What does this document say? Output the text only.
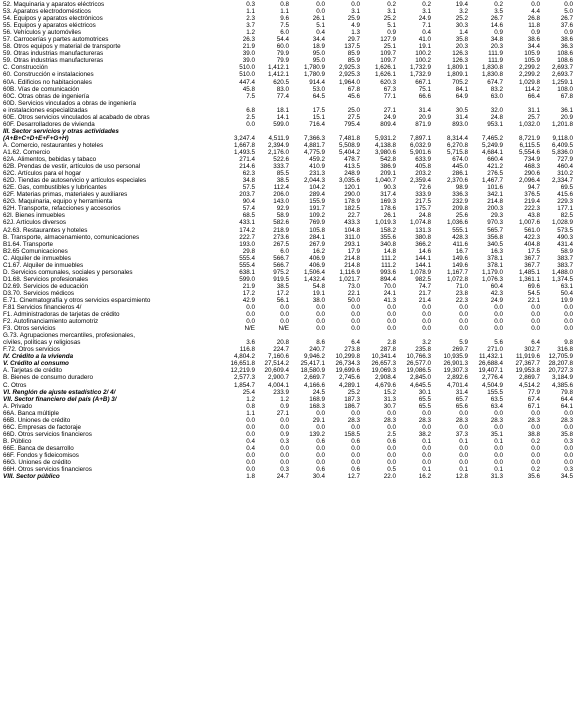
52. Maquinaria y aparatos eléctricos	0.3	0.8	0.0	0.0	0.2	0.2	19.4	0.2	0.0	0.0
53. Aparatos electrodomésticos	1.1	1.1	0.0	3.1	3.1	3.1	3.2	3.5	4.4	5.0
54. Equipos y aparatos electrónicos	2.3	9.6	26.1	25.9	25.2	24.9	25.2	26.7	26.8	26.7
55. Equipos y aparatos eléctricos	3.7	7.5	5.1	4.9	5.1	7.1	30.3	14.6	11.8	37.6
56. Vehículos y automóviles	1.2	6.0	0.4	1.3	0.9	0.4	1.4	0.9	0.9	0.9
57. Carrocerías y partes automotrices	26.3	54.4	34.4	29.7	127.9	41.0	35.8	34.8	38.6	38.6
58. Otros equipos y material de transporte	21.9	60.0	18.9	137.5	25.1	19.1	20.3	20.3	34.4	36.3
59. Otras industrias manufactureras	39.0	79.9	95.0	85.9	109.7	100.2	126.3	111.9	105.9	108.6
59. Otras industrias manufactureras	39.0	79.9	95.0	85.9	109.7	100.2	126.3	111.9	105.9	108.6
C. Construcción	510.0	1,412.1	1,780.9	2,925.3	1,626.1	1,732.9	1,809.1	1,830.8	2,299.2	2,693.7
60. Construcción e instalaciones	510.0	1,412.1	1,780.9	2,925.3	1,626.1	1,732.9	1,809.1	1,830.8	2,299.2	2,693.7
60A. Edificios no habitacionales	447.4	620.5	914.4	1,964.0	620.3	667.1	705.2	674.7	1,029.8	1,259.1
60B. Vías de comunicación	45.8	83.0	53.0	67.8	67.3	75.1	84.1	83.2	114.2	108.0
60C. Otras obras de ingeniería	7.5	77.4	64.5	45.6	77.1	66.6	64.9	63.0	66.4	67.8
60D. Servicios vinculados a obras de ingeniería
e instalaciones especializadas	6.8	18.1	17.5	25.0	27.1	31.4	30.5	32.0	31.1	36.1
60E. Otros servicios vinculados al acabado de obras	2.5	14.1	15.1	27.5	24.9	20.9	31.4	24.8	25.7	20.9
60F. Desarrolladores de vivienda	0.0	599.0	716.4	795.4	809.4	871.9	893.0	953.1	1,032.0	1,201.8
III. Sector servicios y otras actividades
(A+B+C+D+E+F+G+H)	3,247.4	4,511.9	7,366.3	7,481.8	5,931.2	7,897.1	8,314.4	7,465.2	8,721.9	9,118.0
A. Comercio, restaurantes y hoteles	1,667.8	2,394.9	4,881.7	5,508.9	4,138.8	6,032.9	6,270.8	5,249.9	6,115.5	6,409.5
A1.62. Comercio	1,493.5	2,176.0	4,775.9	5,404.2	3,980.6	5,901.6	5,715.8	4,684.1	5,554.6	5,836.0
62A. Alimentos, bebidas y tabaco	271.4	522.6	459.2	478.7	542.8	633.9	674.0	660.4	734.9	727.9
62B. Prendas de vestir, artículos de uso personal	214.6	333.7	410.9	413.5	386.9	405.8	445.0	421.2	468.3	460.4
62C. Artículos para el hogar	62.3	85.5	231.3	248.9	209.1	203.2	286.1	276.5	290.6	310.2
62D. Tiendas de autoservicio y artículos especiales	34.8	38.5	2,044.3	3,035.6	1,040.7	2,359.4	2,370.6	1,467.7	2,096.4	2,334.7
62E. Gas, combustibles y lubricantes	57.5	112.4	104.2	120.1	90.3	72.6	98.9	101.6	94.7	69.5
62F. Materias primas, materiales y auxiliares	203.7	206.0	289.4	290.0	317.4	333.9	336.3	342.1	376.5	415.6
62G. Maquinaria, equipo y herramienta	90.4	143.0	155.9	178.9	169.3	217.5	232.9	214.8	219.4	229.3
62H. Transporte, refacciones y accesorios	57.4	92.9	191.7	182.5	178.6	175.7	209.8	200.3	222.3	177.1
62I. Bienes inmuebles	68.5	58.9	109.2	22.7	26.1	24.8	25.6	29.3	43.8	82.5
62J. Artículos diversos	433.1	582.6	769.9	433.3	1,019.3	1,074.8	1,036.6	970.3	1,007.6	1,028.9
A2.63. Restaurantes y hoteles	174.2	218.9	105.8	104.8	158.2	131.3	555.1	565.7	561.0	573.5
B. Transporte, almacenamiento, comunicaciones	222.7	273.6	284.1	311.0	355.6	380.8	428.3	356.8	422.3	490.3
B1.64. Transporte	193.0	267.5	267.9	293.1	340.8	366.2	411.6	340.5	404.8	431.4
B2.65 Comunicaciones	29.8	6.0	16.2	17.9	14.8	14.6	16.7	16.3	17.5	58.9
C. Alquiler de inmuebles	555.4	566.7	406.9	214.8	111.2	144.1	149.6	378.1	367.7	383.7
C1.67. Alquiler de inmuebles	555.4	566.7	406.9	214.8	111.2	144.1	149.6	378.1	367.7	383.7
D. Servicios comunales, sociales y personales	638.1	975.2	1,506.4	1,116.9	993.6	1,078.9	1,167.7	1,179.0	1,485.1	1,488.0
D1.68. Servicios profesionales	599.0	919.5	1,432.4	1,021.7	894.4	982.5	1,072.8	1,076.3	1,361.1	1,374.5
D2.69. Servicios de educación	21.9	38.5	54.8	73.0	70.0	74.7	71.0	60.4	69.6	63.1
D3.70. Servicios médicos	17.2	17.2	19.1	22.1	24.1	21.7	23.8	42.3	54.5	50.4
E.71. Cinematografía y otros servicios esparcimiento	42.9	56.1	38.0	50.0	41.3	21.4	22.3	24.9	22.1	19.9
F.81 Servicios financieros 4/	0.0	0.0	0.0	0.0	0.0	0.0	0.0	0.0	0.0	0.0
F1. Administradoras de tarjetas de crédito	0.0	0.0	0.0	0.0	0.0	0.0	0.0	0.0	0.0	0.0
F2. Autofinanciamiento automotriz	0.0	0.0	0.0	0.0	0.0	0.0	0.0	0.0	0.0	0.0
F3. Otros servicios	N/E	N/E	0.0	0.0	0.0	0.0	0.0	0.0	0.0	0.0
G.73. Agrupaciones mercantiles, profesionales,
cíviles, políticas y religiosas	3.6	20.8	8.6	6.4	2.8	3.2	5.9	5.6	6.4	9.8
F.72. Otros servicios	116.8	224.7	240.7	273.8	287.8	235.8	269.7	271.0	302.7	316.8
IV. Crédito a la vivienda	4,804.2	7,160.6	9,946.2	10,299.8	10,341.4	10,766.3	10,935.9	11,432.1	11,919.6	12,705.9
V. Crédito al consumo	16,651.8	27,514.2	25,417.1	26,734.3	26,657.3	26,577.0	26,901.3	26,688.4	27,367.7	28,207.8
A. Tarjetas de crédito	12,219.9	20,609.4	18,580.9	19,699.6	19,069.3	19,086.5	19,307.3	19,407.1	19,953.8	20,727.3
B. Bienes de consumo duradero	2,577.3	2,900.7	2,669.7	2,745.6	2,908.4	2,845.0	2,892.6	2,776.4	2,869.7	3,184.9
C. Otros	1,854.7	4,004.1	4,166.6	4,289.1	4,679.6	4,645.5	4,701.4	4,504.9	4,514.2	4,385.6
VI. Renglón de ajuste estadístico 2/ 4/	25.4	233.9	24.5	25.2	15.2	30.1	31.4	155.5	77.9	79.8
VII. Sector financiero del país (A+B) 3/	1.2	1.2	168.9	187.3	31.3	65.5	65.7	63.5	67.4	64.4
A. Privado	0.8	0.9	168.3	186.7	30.7	65.5	65.6	63.4	67.1	64.1
66A. Banca múltiple	1.1	27.1	0.0	0.0	0.0	0.0	0.0	0.0	0.0	0.0
66B. Uniones de crédito	0.0	0.0	29.1	28.3	28.3	28.3	28.3	28.3	28.3	28.3
66C. Empresas de factoraje	0.0	0.0	0.0	0.0	0.0	0.0	0.0	0.0	0.0	0.0
66D. Otros servicios financieros	0.0	0.9	139.2	158.5	2.5	38.2	37.3	35.1	38.8	35.8
B. Público	0.4	0.3	0.6	0.6	0.6	0.1	0.1	0.1	0.2	0.3
66E. Banca de desarrollo	0.4	0.0	0.0	0.0	0.0	0.0	0.0	0.0	0.0	0.0
66F. Fondos y fideicomisos	0.0	0.0	0.0	0.0	0.0	0.0	0.0	0.0	0.0	0.0
66G. Uniones de crédito	0.0	0.0	0.0	0.0	0.0	0.0	0.0	0.0	0.0	0.0
66H. Otros servicios financieros	0.0	0.3	0.6	0.6	0.5	0.1	0.1	0.1	0.2	0.3
VIII. Sector público	1.8	24.7	30.4	12.7	22.0	16.2	12.8	31.3	35.6	34.5
